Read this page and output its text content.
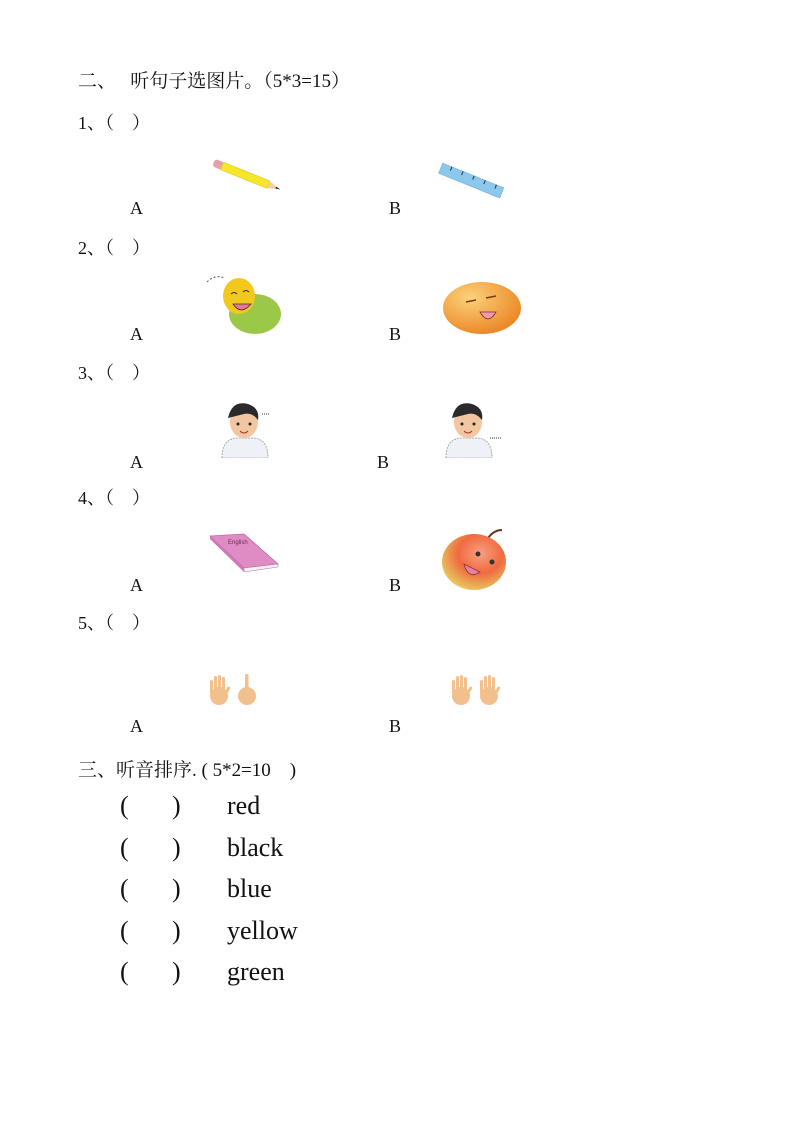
二、   听句子选图片。（5*3=15）
1、（    ）
A	B
2、（    ）
A	B
3、（    ）
A	B
4、（    ）
English
A	B
5、（    ）
A	B
三、听音排序. ( 5*2=10    )
( ) red
( ) black
( ) blue
( ) yellow
( ) green
